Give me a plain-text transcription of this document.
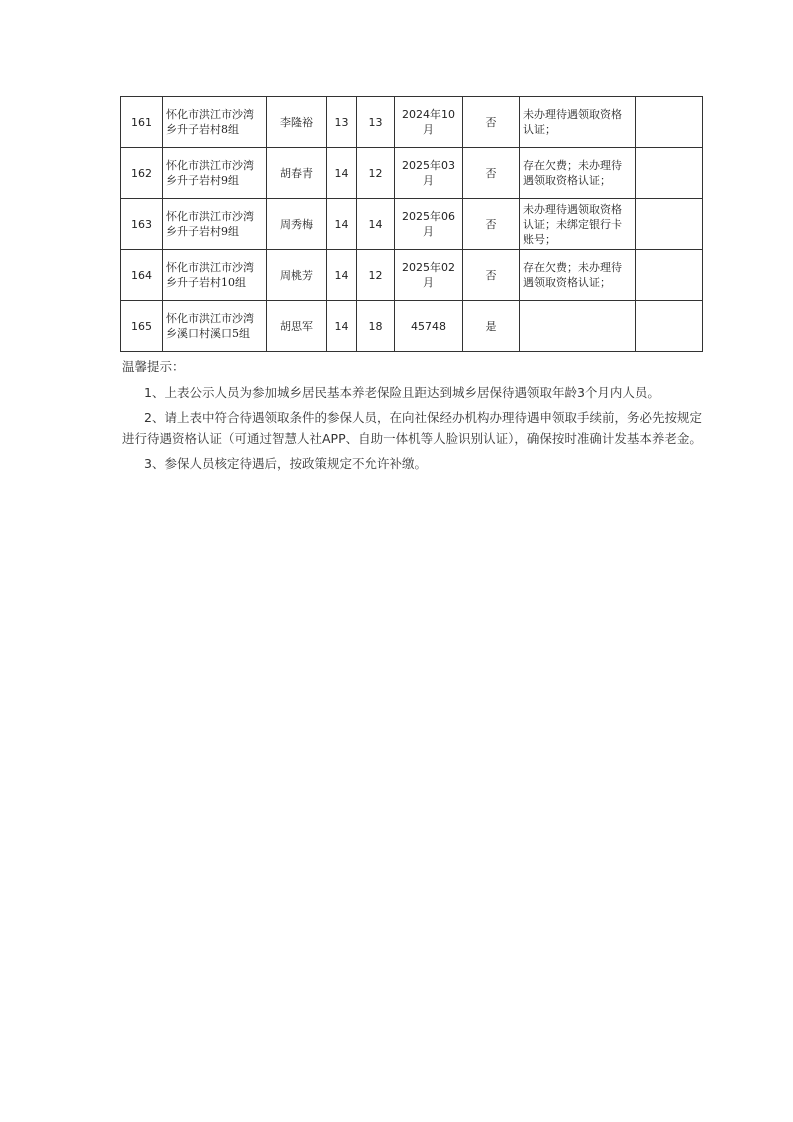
161	怀化市洪江市沙湾乡升子岩村8组	李隆裕	13	13	2024年10月	否	未办理待遇领取资格认证；	
162	怀化市洪江市沙湾乡升子岩村9组	胡春青	14	12	2025年03月	否	存在欠费；未办理待遇领取资格认证；	
163	怀化市洪江市沙湾乡升子岩村9组	周秀梅	14	14	2025年06月	否	未办理待遇领取资格认证；未绑定银行卡账号；	
164	怀化市洪江市沙湾乡升子岩村10组	周桃芳	14	12	2025年02月	否	存在欠费；未办理待遇领取资格认证；	
165	怀化市洪江市沙湾乡溪口村溪口5组	胡思军	14	18	45748	是		
温馨提示：

1、上表公示人员为参加城乡居民基本养老保险且距达到城乡居保待遇领取年龄3个月内人员。

2、请上表中符合待遇领取条件的参保人员，在向社保经办机构办理待遇申领取手续前，务必先按规定进行待遇资格认证（可通过智慧人社APP、自助一体机等人脸识别认证），确保按时准确计发基本养老金。

3、参保人员核定待遇后，按政策规定不允许补缴。
